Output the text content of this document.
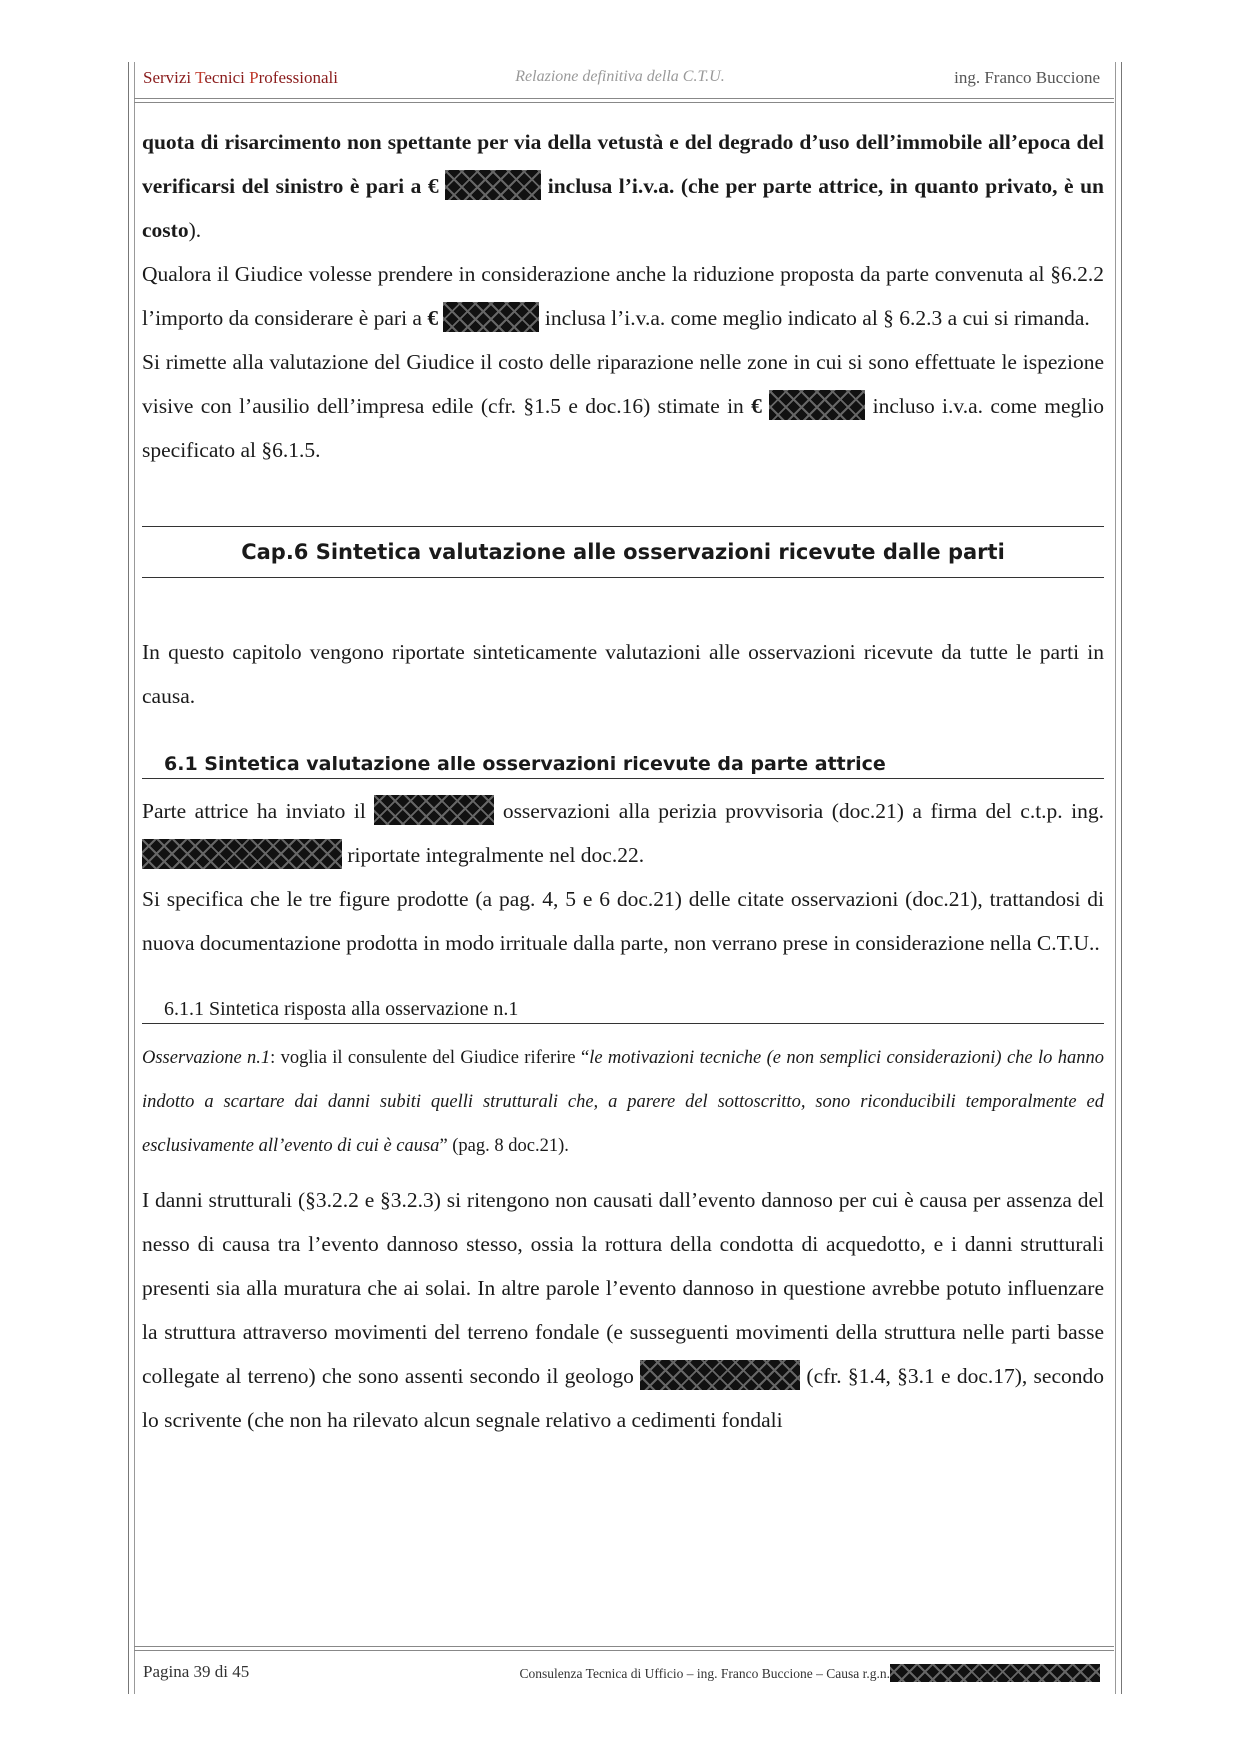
Servizi Tecnici Professionali	Relazione definitiva della C.T.U.	ing. Franco Buccione

quota di risarcimento non spettante per via della vetustà e del degrado d’uso dell’immobile all’epoca del verificarsi del sinistro è pari a €	inclusa l’i.v.a. (che per parte attrice, in quanto privato, è un costo).

Qualora il Giudice volesse prendere in considerazione anche la riduzione proposta da parte convenuta al §6.2.2 l’importo da considerare è pari a €	inclusa l’i.v.a. come meglio indicato al § 6.2.3 a cui si rimanda.

Si rimette alla valutazione del Giudice il costo delle riparazione nelle zone in cui si sono effettuate le ispezione visive con l’ausilio dell’impresa edile (cfr. §1.5 e doc.16) stimate in €	incluso i.v.a. come meglio specificato al §6.1.5.

Cap.6 Sintetica valutazione alle osservazioni ricevute dalle parti

In questo capitolo vengono riportate sinteticamente valutazioni alle osservazioni ricevute da tutte le parti in causa.

6.1 Sintetica valutazione alle osservazioni ricevute da parte attrice

Parte attrice ha inviato il	osservazioni alla perizia provvisoria (doc.21) a firma del c.t.p. ing.  riportate integralmente nel doc.22.

Si specifica che le tre figure prodotte (a pag. 4, 5 e 6 doc.21) delle citate osservazioni (doc.21), trattandosi di nuova documentazione prodotta in modo irrituale dalla parte, non verrano prese in considerazione nella C.T.U..

6.1.1 Sintetica risposta alla osservazione n.1

Osservazione n.1: voglia il consulente del Giudice riferire “le motivazioni tecniche (e non semplici considerazioni) che lo hanno indotto a scartare dai danni subiti quelli strutturali che, a parere del sottoscritto, sono riconducibili temporalmente ed esclusivamente all’evento di cui è causa” (pag. 8 doc.21).

I danni strutturali (§3.2.2 e §3.2.3) si ritengono non causati dall’evento dannoso per cui è causa per assenza del nesso di causa tra l’evento dannoso stesso, ossia la rottura della condotta di acquedotto, e i danni strutturali presenti sia alla muratura che ai solai. In altre parole l’evento dannoso in questione avrebbe potuto influenzare la struttura attraverso movimenti del terreno fondale (e susseguenti movimenti della struttura nelle parti basse collegate al terreno) che sono assenti secondo il geologo	(cfr. §1.4, §3.1 e doc.17), secondo lo scrivente (che non ha rilevato alcun segnale relativo a cedimenti fondali

Pagina 39 di 45	Consulenza Tecnica di Ufficio – ing. Franco Buccione – Causa r.g.n.
